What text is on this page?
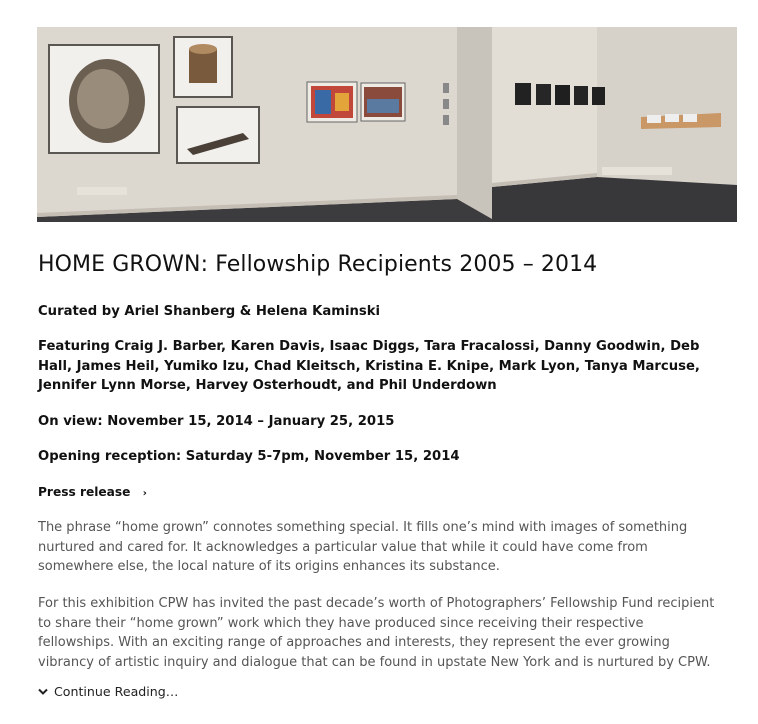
HOME GROWN: Fellowship Recipients 2005 – 2014

Curated by Ariel Shanberg & Helena Kaminski

Featuring Craig J. Barber, Karen Davis, Isaac Diggs, Tara Fracalossi, Danny Goodwin, Deb Hall, James Heil, Yumiko Izu, Chad Kleitsch, Kristina E. Knipe, Mark Lyon, Tanya Marcuse, Jennifer Lynn Morse, Harvey Osterhoudt, and Phil Underdown

On view: November 15, 2014 – January 25, 2015

Opening reception: Saturday 5-7pm, November 15, 2014

Press release ›

The phrase “home grown” connotes something special. It fills one’s mind with images of something nurtured and cared for. It acknowledges a particular value that while it could have come from somewhere else, the local nature of its origins enhances its substance.

For this exhibition CPW has invited the past decade’s worth of Photographers’ Fellowship Fund recipient to share their “home grown” work which they have produced since receiving their respective fellowships. With an exciting range of approaches and interests, they represent the ever growing vibrancy of artistic inquiry and dialogue that can be found in upstate New York and is nurtured by CPW.

Continue Reading…
